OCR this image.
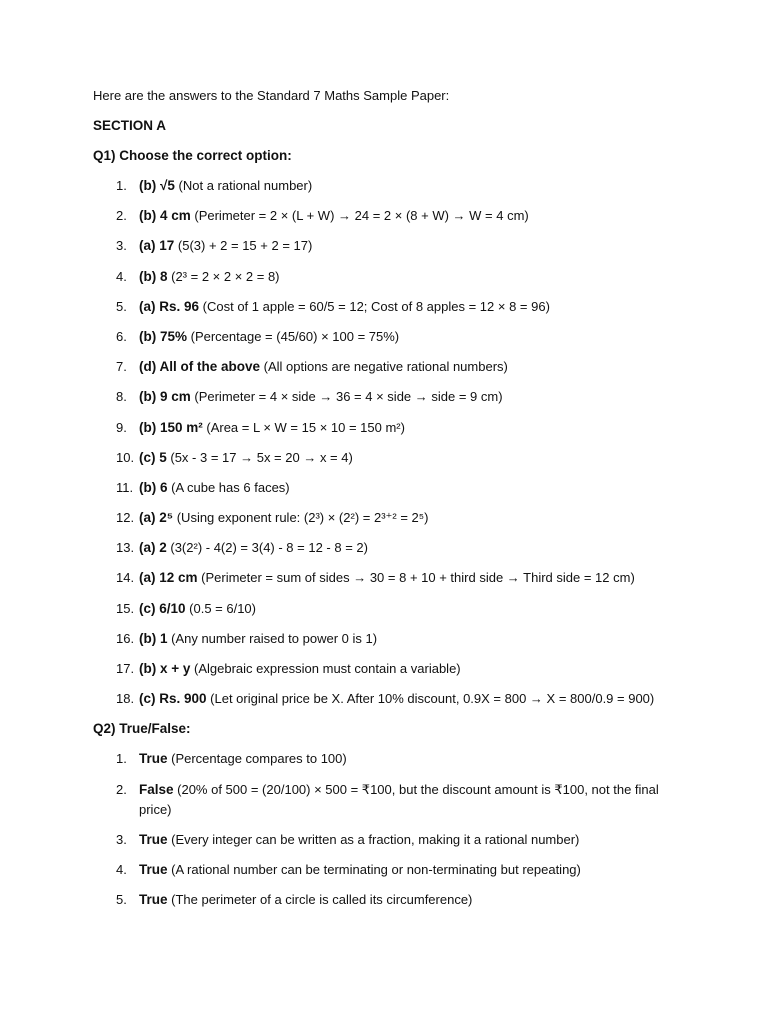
Here are the answers to the Standard 7 Maths Sample Paper:

SECTION A

Q1) Choose the correct option:

1. (b) √5 (Not a rational number)
2. (b) 4 cm (Perimeter = 2 × (L + W) → 24 = 2 × (8 + W) → W = 4 cm)
3. (a) 17 (5(3) + 2 = 15 + 2 = 17)
4. (b) 8 (2³ = 2 × 2 × 2 = 8)
5. (a) Rs. 96 (Cost of 1 apple = 60/5 = 12; Cost of 8 apples = 12 × 8 = 96)
6. (b) 75% (Percentage = (45/60) × 100 = 75%)
7. (d) All of the above (All options are negative rational numbers)
8. (b) 9 cm (Perimeter = 4 × side → 36 = 4 × side → side = 9 cm)
9. (b) 150 m² (Area = L × W = 15 × 10 = 150 m²)
10. (c) 5 (5x - 3 = 17 → 5x = 20 → x = 4)
11. (b) 6 (A cube has 6 faces)
12. (a) 2⁵ (Using exponent rule: (2³) × (2²) = 2³⁺² = 2⁵)
13. (a) 2 (3(2²) - 4(2) = 3(4) - 8 = 12 - 8 = 2)
14. (a) 12 cm (Perimeter = sum of sides → 30 = 8 + 10 + third side → Third side = 12 cm)
15. (c) 6/10 (0.5 = 6/10)
16. (b) 1 (Any number raised to power 0 is 1)
17. (b) x + y (Algebraic expression must contain a variable)
18. (c) Rs. 900 (Let original price be X. After 10% discount, 0.9X = 800 → X = 800/0.9 = 900)

Q2) True/False:

1. True (Percentage compares to 100)
2. False (20% of 500 = (20/100) × 500 = ₹100, but the discount amount is ₹100, not the final price)
3. True (Every integer can be written as a fraction, making it a rational number)
4. True (A rational number can be terminating or non-terminating but repeating)
5. True (The perimeter of a circle is called its circumference)
